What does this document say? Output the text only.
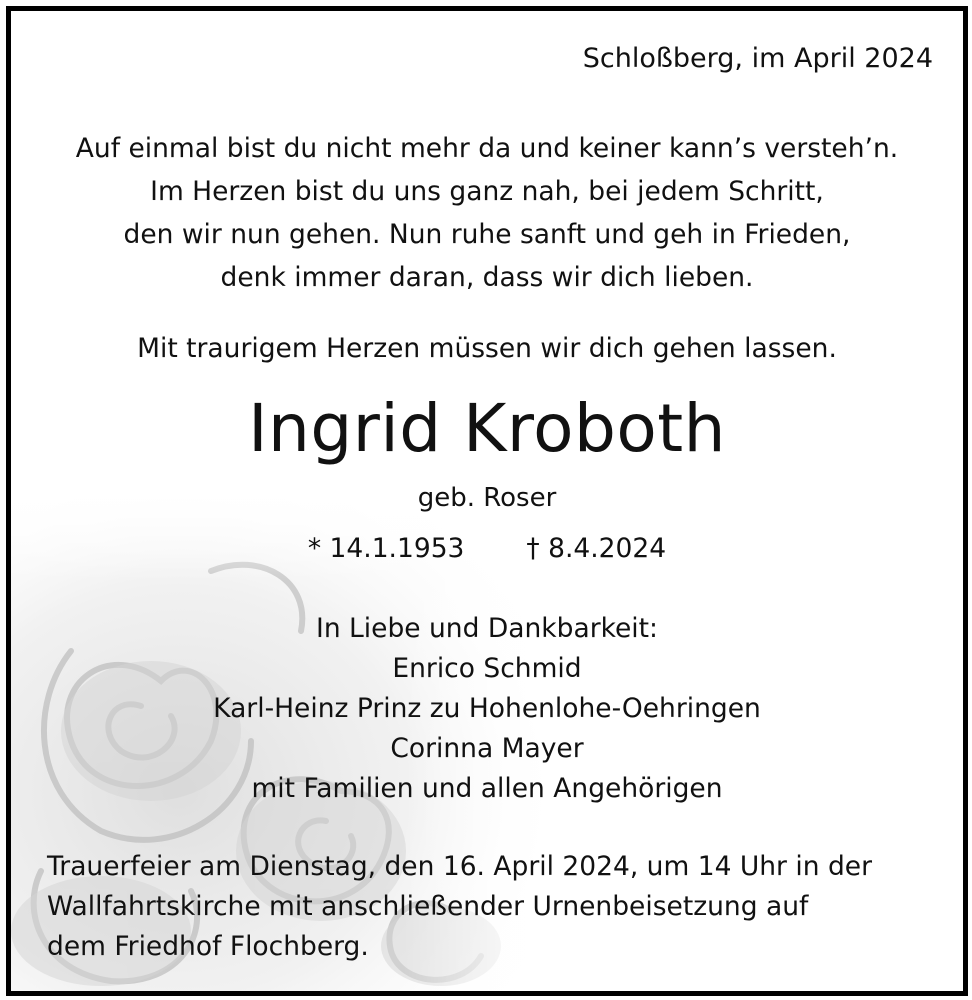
Schloßberg, im April 2024

Auf einmal bist du nicht mehr da und keiner kann’s versteh’n.
Im Herzen bist du uns ganz nah, bei jedem Schritt,
den wir nun gehen. Nun ruhe sanft und geh in Frieden,
denk immer daran, dass wir dich lieben.

Mit traurigem Herzen müssen wir dich gehen lassen.

Ingrid Kroboth

geb. Roser

* 14.1.1953 † 8.4.2024
In Liebe und Dankbarkeit:
Enrico Schmid
Karl-Heinz Prinz zu Hohenlohe-Oehringen
Corinna Mayer
mit Familien und allen Angehörigen
Trauerfeier am Dienstag, den 16. April 2024, um 14 Uhr in der
Wallfahrtskirche mit anschließender Urnenbeisetzung auf
dem Friedhof Flochberg.
